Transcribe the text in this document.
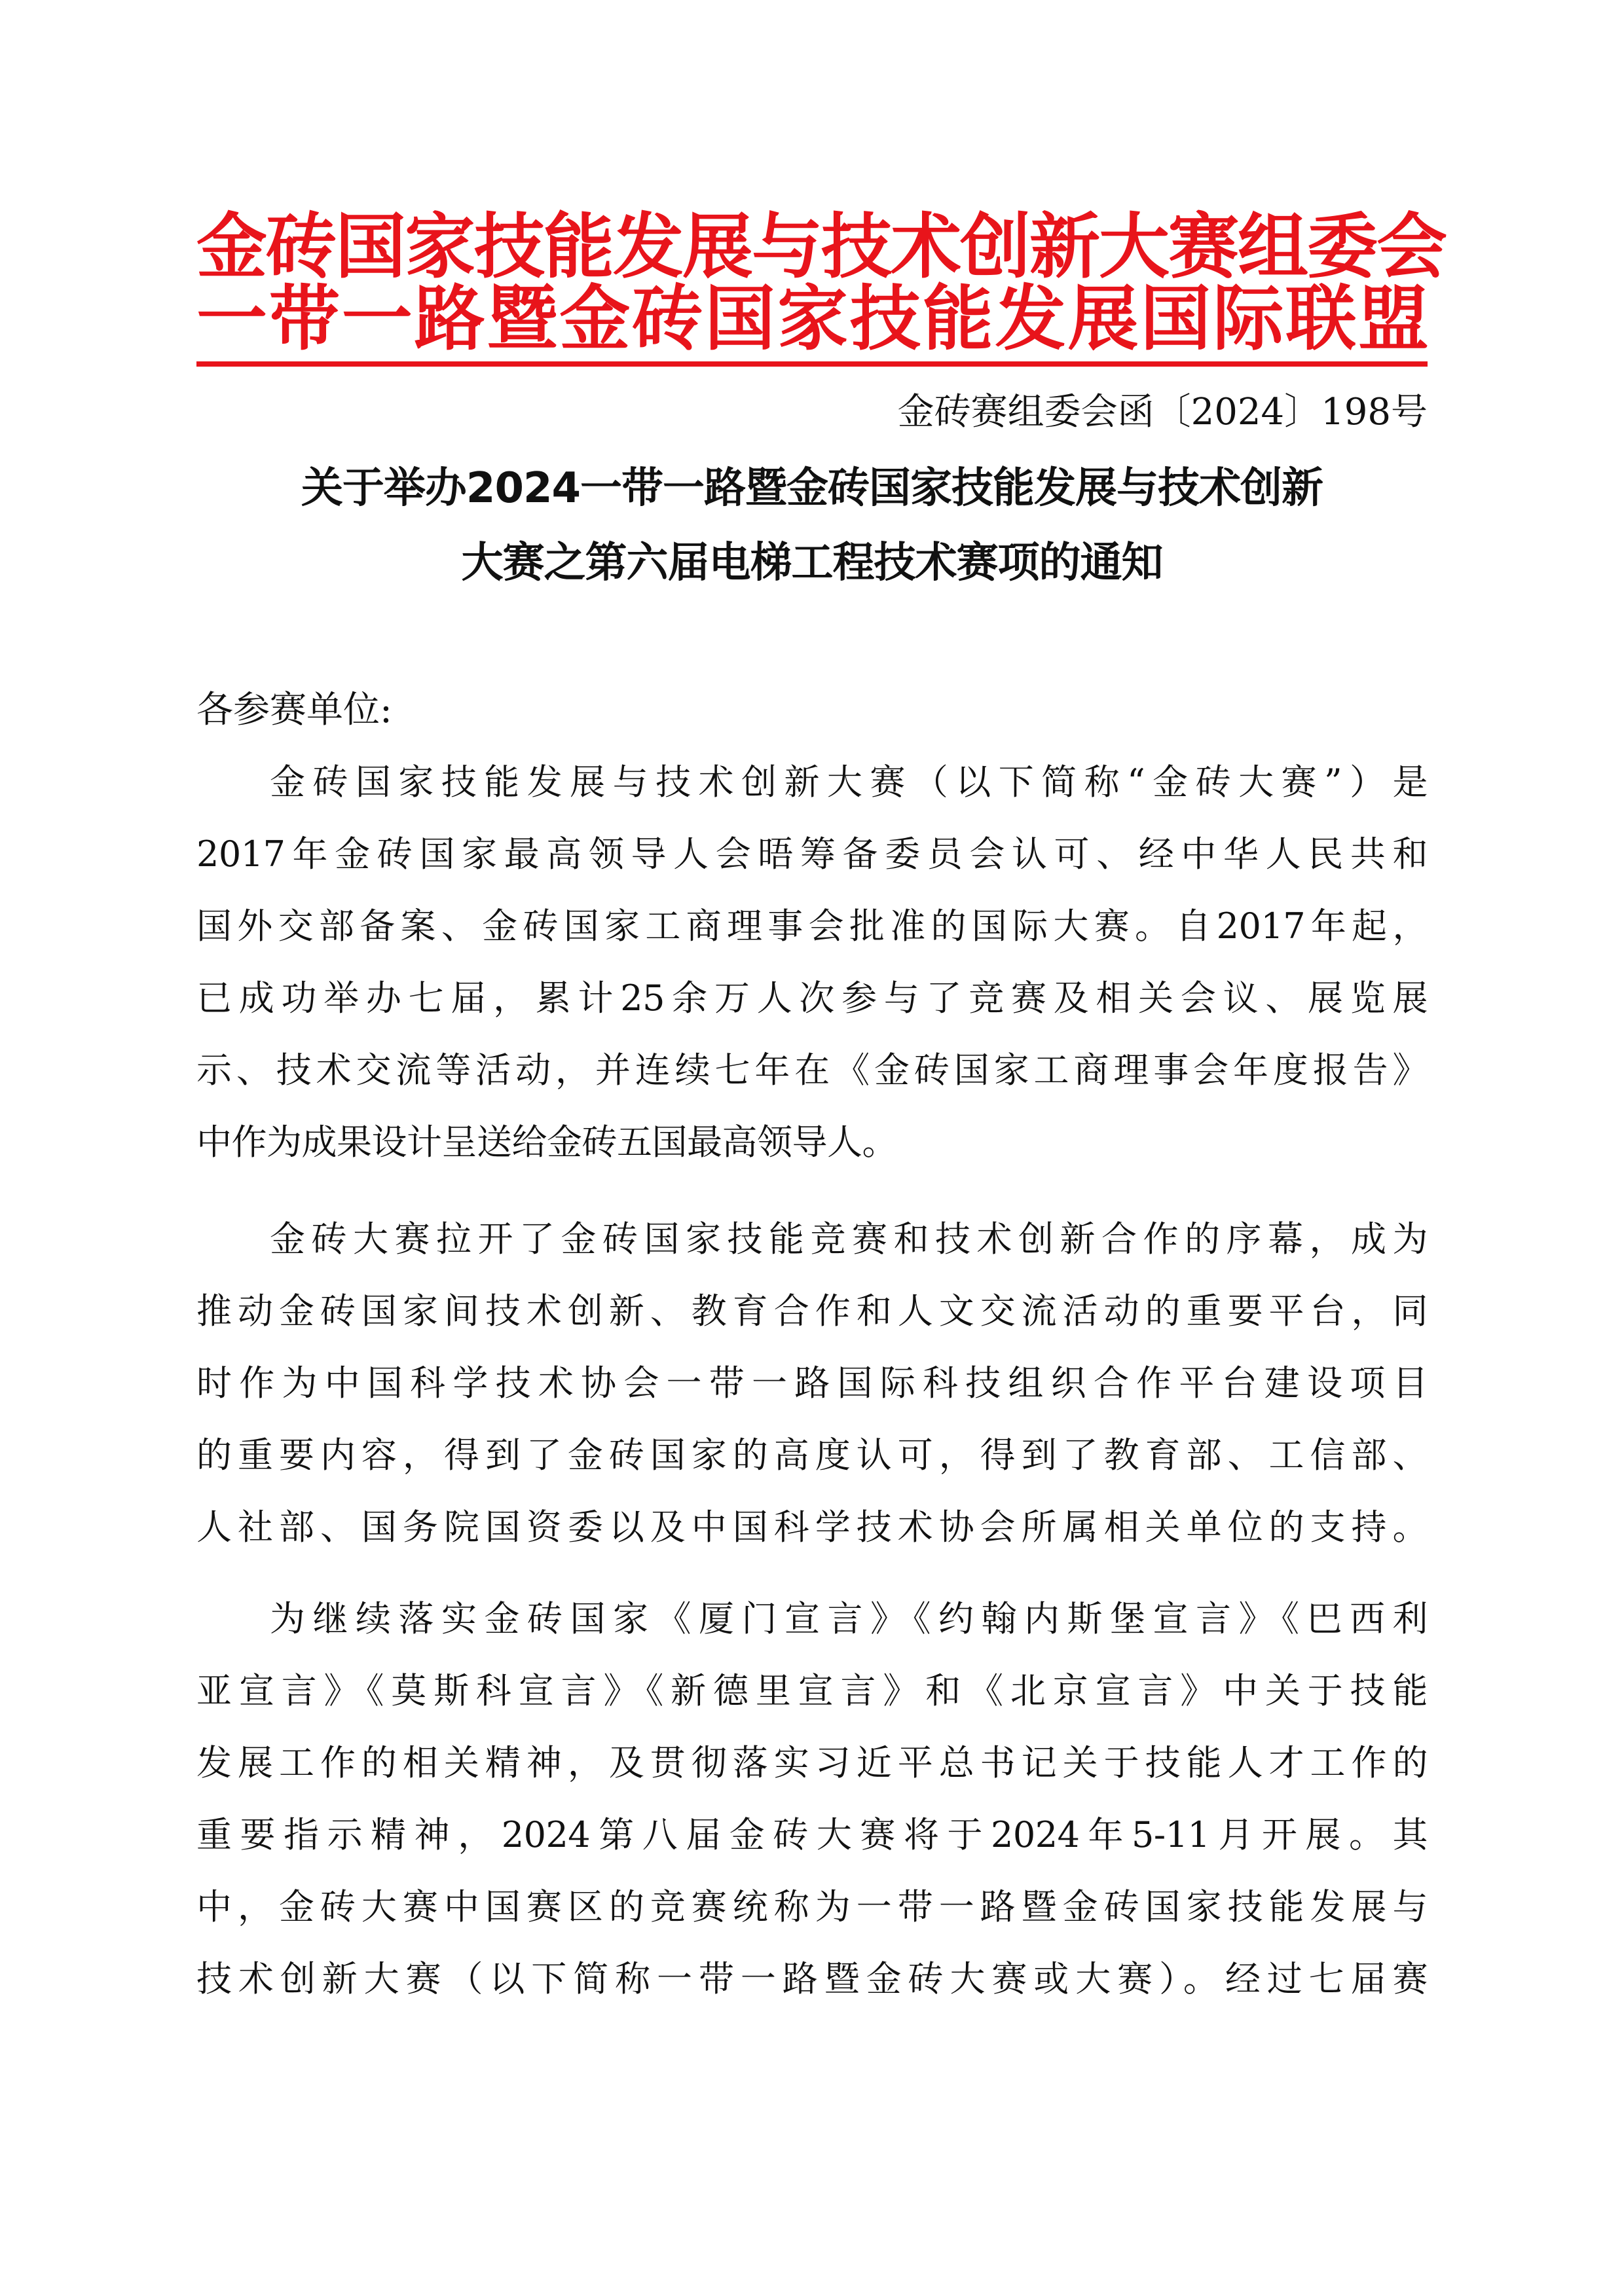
金砖国家技能发展与技术创新大赛组委会
一带一路暨金砖国家技能发展国际联盟
金砖赛组委会函〔2024〕198号
关于举办2024一带一路暨金砖国家技能发展与技术创新
大赛之第六届电梯工程技术赛项的通知
各参赛单位:
金砖国家技能发展与技术创新大赛（以下简称“金砖大赛”）是
2017年金砖国家最高领导人会晤筹备委员会认可、经中华人民共和
国外交部备案、金砖国家工商理事会批准的国际大赛。自2017年起，
已成功举办七届，累计25余万人次参与了竞赛及相关会议、展览展
示、技术交流等活动，并连续七年在《金砖国家工商理事会年度报告》
中作为成果设计呈送给金砖五国最高领导人。
金砖大赛拉开了金砖国家技能竞赛和技术创新合作的序幕，成为
推动金砖国家间技术创新、教育合作和人文交流活动的重要平台，同
时作为中国科学技术协会一带一路国际科技组织合作平台建设项目
的重要内容，得到了金砖国家的高度认可，得到了教育部、工信部、
人社部、国务院国资委以及中国科学技术协会所属相关单位的支持。
为继续落实金砖国家《厦门宣言》《约翰内斯堡宣言》《巴西利
亚宣言》《莫斯科宣言》《新德里宣言》和《北京宣言》中关于技能
发展工作的相关精神，及贯彻落实习近平总书记关于技能人才工作的
重要指示精神，2024第八届金砖大赛将于2024年5-11月开展。其
中，金砖大赛中国赛区的竞赛统称为一带一路暨金砖国家技能发展与
技术创新大赛（以下简称一带一路暨金砖大赛或大赛）。经过七届赛
